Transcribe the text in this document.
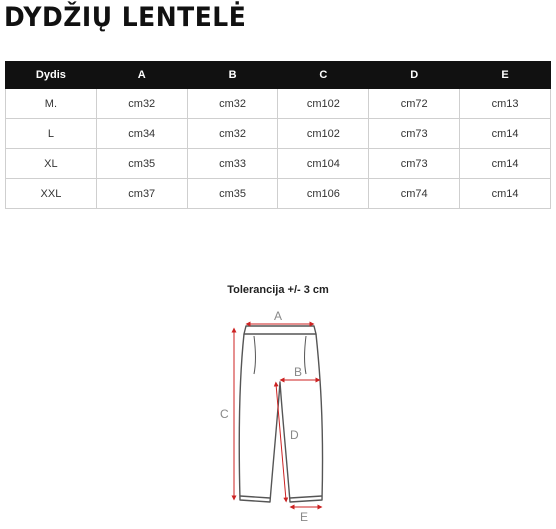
DYDŽIŲ LENTELĖ
Dydis	A	B	C	D	E
M.	cm32	cm32	cm102	cm72	cm13
L	cm34	cm32	cm102	cm73	cm14
XL	cm35	cm33	cm104	cm73	cm14
XXL	cm37	cm35	cm106	cm74	cm14
Tolerancija +/- 3 cm
A
B
C
D
E
